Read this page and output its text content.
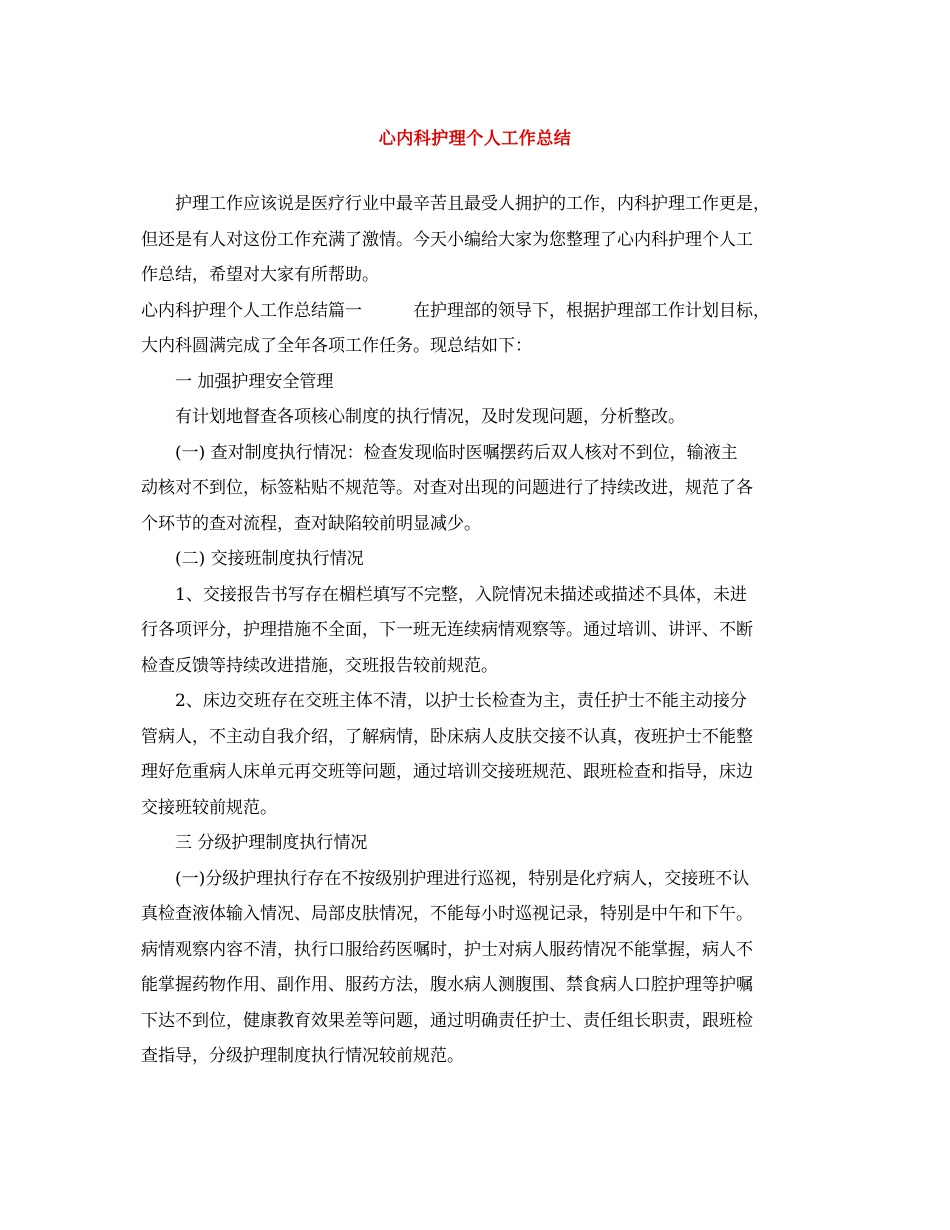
心内科护理个人工作总结
护理工作应该说是医疗行业中最辛苦且最受人拥护的工作，内科护理工作更是，
但还是有人对这份工作充满了激情。今天小编给大家为您整理了心内科护理个人工
作总结，希望对大家有所帮助。
心内科护理个人工作总结篇一　　　在护理部的领导下，根据护理部工作计划目标，
大内科圆满完成了全年各项工作任务。现总结如下：
一 加强护理安全管理
有计划地督查各项核心制度的执行情况，及时发现问题，分析整改。
(一) 查对制度执行情况：检查发现临时医嘱摆药后双人核对不到位，输液主
动核对不到位，标签粘贴不规范等。对查对出现的问题进行了持续改进，规范了各
个环节的查对流程，查对缺陷较前明显减少。
(二) 交接班制度执行情况
1、交接报告书写存在楣栏填写不完整，入院情况未描述或描述不具体，未进
行各项评分，护理措施不全面，下一班无连续病情观察等。通过培训、讲评、不断
检查反馈等持续改进措施，交班报告较前规范。
2、床边交班存在交班主体不清，以护士长检查为主，责任护士不能主动接分
管病人，不主动自我介绍，了解病情，卧床病人皮肤交接不认真，夜班护士不能整
理好危重病人床单元再交班等问题，通过培训交接班规范、跟班检查和指导，床边
交接班较前规范。
三 分级护理制度执行情况
(一)分级护理执行存在不按级别护理进行巡视，特别是化疗病人，交接班不认
真检查液体输入情况、局部皮肤情况，不能每小时巡视记录，特别是中午和下午。
病情观察内容不清，执行口服给药医嘱时，护士对病人服药情况不能掌握，病人不
能掌握药物作用、副作用、服药方法，腹水病人测腹围、禁食病人口腔护理等护嘱
下达不到位，健康教育效果差等问题，通过明确责任护士、责任组长职责，跟班检
查指导，分级护理制度执行情况较前规范。
